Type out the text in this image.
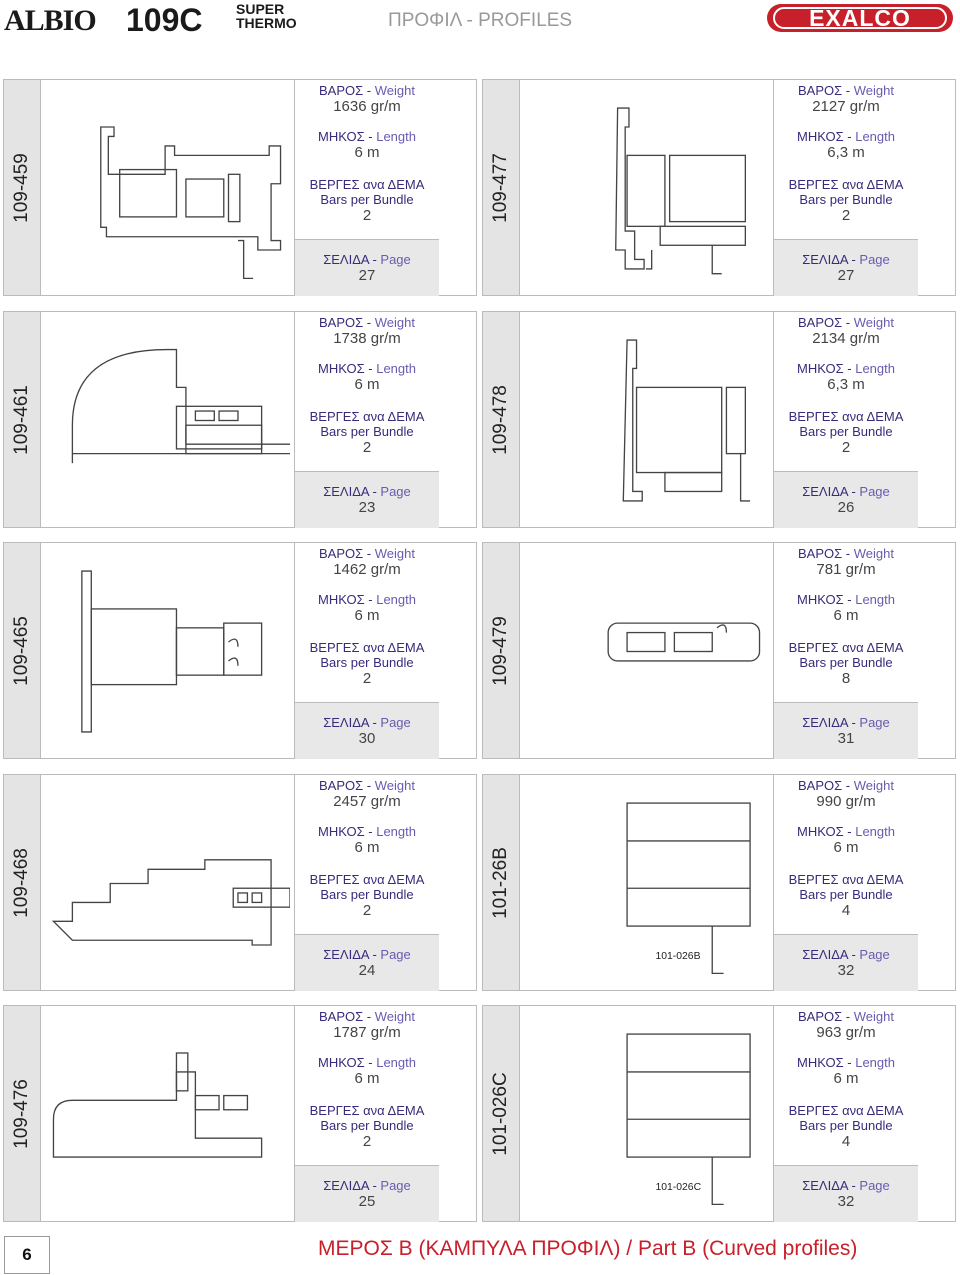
ALBIO 109C SUPER
THERMO	ΠΡΟΦΙΛ - PROFILES	EXALCO
109-459
ΒΑΡΟΣ - Weight
1636 gr/m
ΜΗΚΟΣ - Length
6 m
ΒΕΡΓΕΣ ανα ΔΕΜΑ
Bars per Bundle
2
ΣΕΛΙΔΑ - Page
27
109-477
ΒΑΡΟΣ - Weight
2127 gr/m
ΜΗΚΟΣ - Length
6,3 m
ΒΕΡΓΕΣ ανα ΔΕΜΑ
Bars per Bundle
2
ΣΕΛΙΔΑ - Page
27
109-461
ΒΑΡΟΣ - Weight
1738 gr/m
ΜΗΚΟΣ - Length
6 m
ΒΕΡΓΕΣ ανα ΔΕΜΑ
Bars per Bundle
2
ΣΕΛΙΔΑ - Page
23
109-478
ΒΑΡΟΣ - Weight
2134 gr/m
ΜΗΚΟΣ - Length
6,3 m
ΒΕΡΓΕΣ ανα ΔΕΜΑ
Bars per Bundle
2
ΣΕΛΙΔΑ - Page
26
109-465
ΒΑΡΟΣ - Weight
1462 gr/m
ΜΗΚΟΣ - Length
6 m
ΒΕΡΓΕΣ ανα ΔΕΜΑ
Bars per Bundle
2
ΣΕΛΙΔΑ - Page
30
109-479
ΒΑΡΟΣ - Weight
781 gr/m
ΜΗΚΟΣ - Length
6 m
ΒΕΡΓΕΣ ανα ΔΕΜΑ
Bars per Bundle
8
ΣΕΛΙΔΑ - Page
31
109-468
ΒΑΡΟΣ - Weight
2457 gr/m
ΜΗΚΟΣ - Length
6 m
ΒΕΡΓΕΣ ανα ΔΕΜΑ
Bars per Bundle
2
ΣΕΛΙΔΑ - Page
24
101-26B
101-026B
ΒΑΡΟΣ - Weight
990 gr/m
ΜΗΚΟΣ - Length
6 m
ΒΕΡΓΕΣ ανα ΔΕΜΑ
Bars per Bundle
4
ΣΕΛΙΔΑ - Page
32
109-476
ΒΑΡΟΣ - Weight
1787 gr/m
ΜΗΚΟΣ - Length
6 m
ΒΕΡΓΕΣ ανα ΔΕΜΑ
Bars per Bundle
2
ΣΕΛΙΔΑ - Page
25
101-026C
101-026C
ΒΑΡΟΣ - Weight
963 gr/m
ΜΗΚΟΣ - Length
6 m
ΒΕΡΓΕΣ ανα ΔΕΜΑ
Bars per Bundle
4
ΣΕΛΙΔΑ - Page
32
6	ΜΕΡΟΣ Β (ΚΑΜΠΥΛΑ ΠΡΟΦΙΛ) / Part B (Curved profiles)
